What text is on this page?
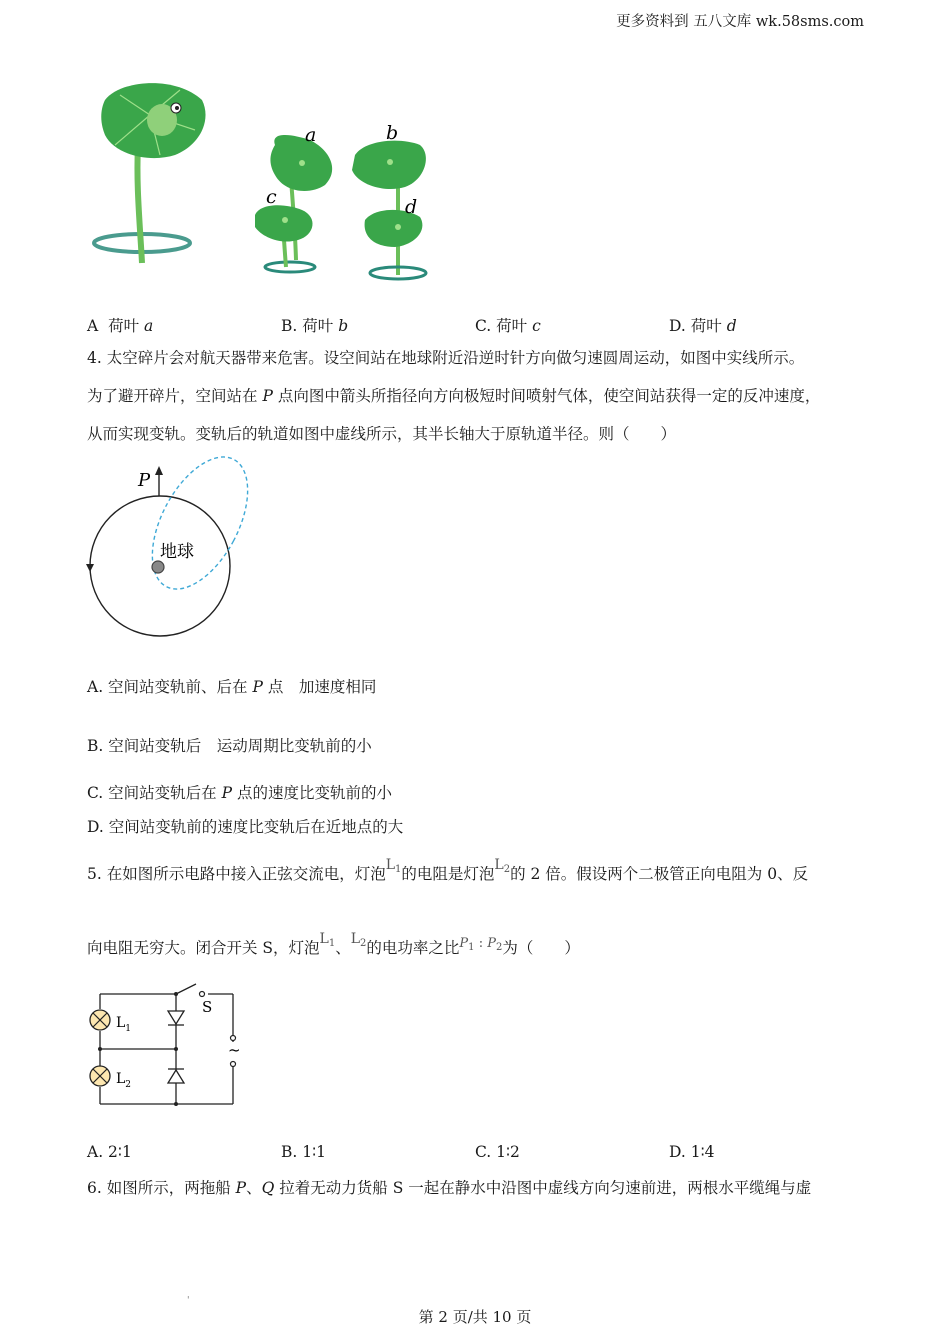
更多资料到 五八文库 wk.58sms.com
a	b
c	d
A 荷叶 a	B. 荷叶 b	C. 荷叶 c	D. 荷叶 d
4. 太空碎片会对航天器带来危害。设空间站在地球附近沿逆时针方向做匀速圆周运动，如图中实线所示。
为了避开碎片，空间站在 P 点向图中箭头所指径向方向极短时间喷射气体，使空间站获得一定的反冲速度，
从而实现变轨。变轨后的轨道如图中虚线所示，其半长轴大于原轨道半径。则（　　）
P
地球
A. 空间站变轨前、后在 P 点　加速度相同
B. 空间站变轨后　运动周期比变轨前的小
C. 空间站变轨后在 P 点的速度比变轨前的小
D. 空间站变轨前的速度比变轨后在近地点的大
5. 在如图所示电路中接入正弦交流电，灯泡$L_1$的电阻是灯泡$L_2$的 2 倍。假设两个二极管正向电阻为 0、反
向电阻无穷大。闭合开关 S，灯泡$L_1$、$L_2$的电功率之比$^{P_1 : P_2}$为（　　）
S
$L_1$
$L_2$
~
A. 2∶1	B. 1∶1	C. 1∶2	D. 1∶4
6. 如图所示，两拖船 P、Q 拉着无动力货船 S 一起在静水中沿图中虚线方向匀速前进，两根水平缆绳与虚
'
第 2 页/共 10 页
